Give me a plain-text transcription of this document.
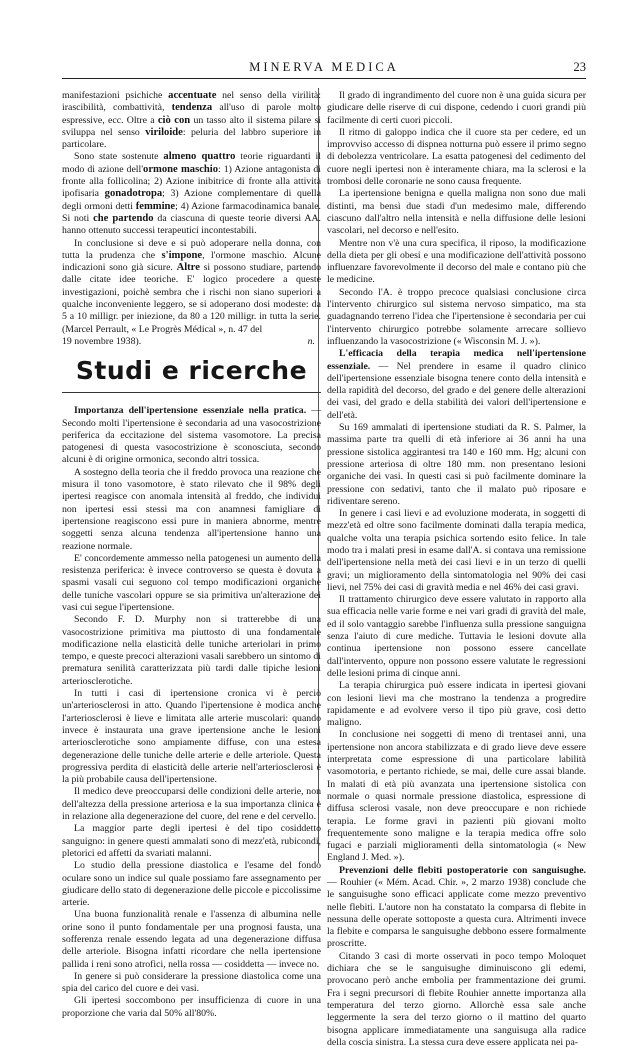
MINERVA MEDICA	23

manifestazioni psichiche accentuate nel senso della virilità: irascibilità, combattività, tendenza all'uso di parole molto espressive, ecc. Oltre a ciò con un tasso alto il sistema pilare si sviluppa nel senso viriloide: peluria del labbro superiore in particolare.

Sono state sostenute almeno quattro teorie riguardanti il modo di azione dell'ormone maschio: 1) Azione antagonista di fronte alla follicolina; 2) Azione inibitrice di fronte alla attività ipofisaria gonadotropa; 3) Azione complementare di quella degli ormoni detti femmine; 4) Azione farmacodinamica banale. Si noti che partendo da ciascuna di queste teorie diversi AA. hanno ottenuto successi terapeutici incontestabili.

In conclusione si deve e si può adoperare nella donna, con tutta la prudenza che s'impone, l'ormone maschio. Alcune indicazioni sono già sicure. Altre si possono studiare, partendo dalle citate idee teoriche. E' logico procedere a queste investigazioni, poichè sembra che i rischi non siano superiori a qualche inconveniente leggero, se si adoperano dosi modeste: da 5 a 10 milligr. per iniezione, da 80 a 120 milligr. in tutta la serie. (Marcel Perrault, « Le Progrès Médical », n. 47 del

19 novembre 1938).	n.
Studi e ricerche

Importanza dell'ipertensione essenziale nella pratica. — Secondo molti l'ipertensione è secondaria ad una vasocostrizione periferica da eccitazione del sistema vasomotore. La precisa patogenesi di questa vasocostrizione è sconosciuta, secondo alcuni è di origine ormonica, secondo altri tossica.

A sostegno della teoria che il freddo provoca una reazione che misura il tono vasomotore, è stato rilevato che il 98% degli ipertesi reagisce con anomala intensità al freddo, che individui non ipertesi essi stessi ma con anamnesi famigliare di ipertensione reagiscono essi pure in maniera abnorme, mentre soggetti senza alcuna tendenza all'ipertensione hanno una reazione normale.

E' concordemente ammesso nella patogenesi un aumento della resistenza periferica: è invece controverso se questa è dovuta a spasmi vasali cui seguono col tempo modificazioni organiche delle tuniche vascolari oppure se sia primitiva un'alterazione dei vasi cui segue l'ipertensione.

Secondo F. D. Murphy non si tratterebbe di una vasocostrizione primitiva ma piuttosto di una fondamentale modificazione nella elasticità delle tuniche arteriolari in primo tempo, e queste precoci alterazioni vasali sarebbero un sintomo di prematura senilità caratterizzata più tardi dalle tipiche lesioni arteriosclerotiche.

In tutti i casi di ipertensione cronica vi è perciò un'arteriosclerosi in atto. Quando l'ipertensione è modica anche l'arteriosclerosi è lieve e limitata alle arterie muscolari: quando invece è instaurata una grave ipertensione anche le lesioni arteriosclerotiche sono ampiamente diffuse, con una estesa degenerazione delle tuniche delle arterie e delle arteriole. Questa progressiva perdita di elasticità delle arterie nell'arteriosclerosi è la più probabile causa dell'ipertensione.

Il medico deve preoccuparsi delle condizioni delle arterie, non dell'altezza della pressione arteriosa e la sua importanza clinica è in relazione alla degenerazione del cuore, del rene e del cervello.

La maggior parte degli ipertesi è del tipo cosiddetto sanguigno: in genere questi ammalati sono di mezz'età, rubicondi, pletorici ed affetti da svariati malanni.

Lo studio della pressione diastolica e l'esame del fondo oculare sono un indice sul quale possiamo fare assegnamento per giudicare dello stato di degenerazione delle piccole e piccolissime arterie.

Una buona funzionalità renale e l'assenza di albumina nelle orine sono il punto fondamentale per una prognosi fausta, una sofferenza renale essendo legata ad una degenerazione diffusa delle arteriole. Bisogna infatti ricordare che nella ipertensione pallida i reni sono atrofici, nella rossa — cosiddetta — invece no.

In genere si può considerare la pressione diastolica come una spia del carico del cuore e dei vasi.

Gli ipertesi soccombono per insufficienza di cuore in una proporzione che varia dal 50% all'80%.

Il grado di ingrandimento del cuore non è una guida sicura per giudicare delle riserve di cui dispone, cedendo i cuori grandi più facilmente di certi cuori piccoli.

Il ritmo di galoppo indica che il cuore sta per cedere, ed un improvviso accesso di dispnea notturna può essere il primo segno di debolezza ventricolare. La esatta patogenesi del cedimento del cuore negli ipertesi non è interamente chiara, ma la sclerosi e la trombosi delle coronarie ne sono causa frequente.

La ipertensione benigna e quella maligna non sono due mali distinti, ma bensì due stadi d'un medesimo male, differendo ciascuno dall'altro nella intensità e nella diffusione delle lesioni vascolari, nel decorso e nell'esito.

Mentre non v'è una cura specifica, il riposo, la modificazione della dieta per gli obesi e una modificazione dell'attività possono influenzare favorevolmente il decorso del male e contano più che le medicine.

Secondo l'A. è troppo precoce qualsiasi conclusione circa l'intervento chirurgico sul sistema nervoso simpatico, ma sta guadagnando terreno l'idea che l'ipertensione è secondaria per cui l'intervento chirurgico potrebbe solamente arrecare sollievo influenzando la vasocostrizione (« Wisconsin M. J. »).

L'efficacia della terapia medica nell'ipertensione essenziale. — Nel prendere in esame il quadro clinico dell'ipertensione essenziale bisogna tenere conto della intensità e della rapidità del decorso, del grado e del genere delle alterazioni dei vasi, del grado e della stabilità dei valori dell'ipertensione e dell'età.

Su 169 ammalati di ipertensione studiati da R. S. Palmer, la massima parte tra quelli di età inferiore ai 36 anni ha una pressione sistolica aggirantesi tra 140 e 160 mm. Hg; alcuni con pressione arteriosa di oltre 180 mm. non presentano lesioni organiche dei vasi. In questi casi si può facilmente dominare la pressione con sedativi, tanto che il malato può riposare e ridiventare sereno.

In genere i casi lievi e ad evoluzione moderata, in soggetti di mezz'età ed oltre sono facilmente dominati dalla terapia medica, qualche volta una terapia psichica sortendo esito felice. In tale modo tra i malati presi in esame dall'A. si contava una remissione dell'ipertensione nella metà dei casi lievi e in un terzo di quelli gravi; un miglioramento della sintomatologia nel 90% dei casi lievi, nel 75% dei casi di gravità media e nel 46% dei casi gravi.

Il trattamento chirurgico deve essere valutato in rapporto alla sua efficacia nelle varie forme e nei vari gradi di gravità del male, ed il solo vantaggio sarebbe l'influenza sulla pressione sanguigna senza l'aiuto di cure mediche. Tuttavia le lesioni dovute alla continua ipertensione non possono essere cancellate dall'intervento, oppure non possono essere valutate le regressioni delle lesioni prima di cinque anni.

La terapia chirurgica può essere indicata in ipertesi giovani con lesioni lievi ma che mostrano la tendenza a progredire rapidamente e ad evolvere verso il tipo più grave, così detto maligno.

In conclusione nei soggetti di meno di trentasei anni, una ipertensione non ancora stabilizzata e di grado lieve deve essere interpretata come espressione di una particolare labilità vasomotoria, e pertanto richiede, se mai, delle cure assai blande. In malati di età più avanzata una ipertensione sistolica con normale o quasi normale pressione diastolica, espressione di diffusa sclerosi vasale, non deve preoccupare e non richiede terapia. Le forme gravi in pazienti più giovani molto frequentemente sono maligne e la terapia medica offre solo fugaci e parziali miglioramenti della sintomatologia (« New England J. Med. »).

Prevenzioni delle flebiti postoperatorie con sanguisughe. — Rouhier (« Mém. Acad. Chir. », 2 marzo 1938) conclude che le sanguisughe sono efficaci applicate come mezzo preventivo nelle flebiti. L'autore non ha constatato la comparsa di flebite in nessuna delle operate sottoposte a questa cura. Altrimenti invece la flebite e comparsa le sanguisughe debbono essere formalmente proscritte.

Citando 3 casi di morte osservati in poco tempo Moloquet dichiara che se le sanguisughe diminuiscono gli edemi, provocano però anche embolia per frammentazione dei grumi. Fra i segni precursori di flebite Rouhier annette importanza alla temperatura del terzo giorno. Allorchè essa sale anche leggermente la sera del terzo giorno o il mattino del quarto bisogna applicare immediatamente una sanguisuga alla radice della coscia sinistra. La stessa cura deve essere applicata nei pa-
